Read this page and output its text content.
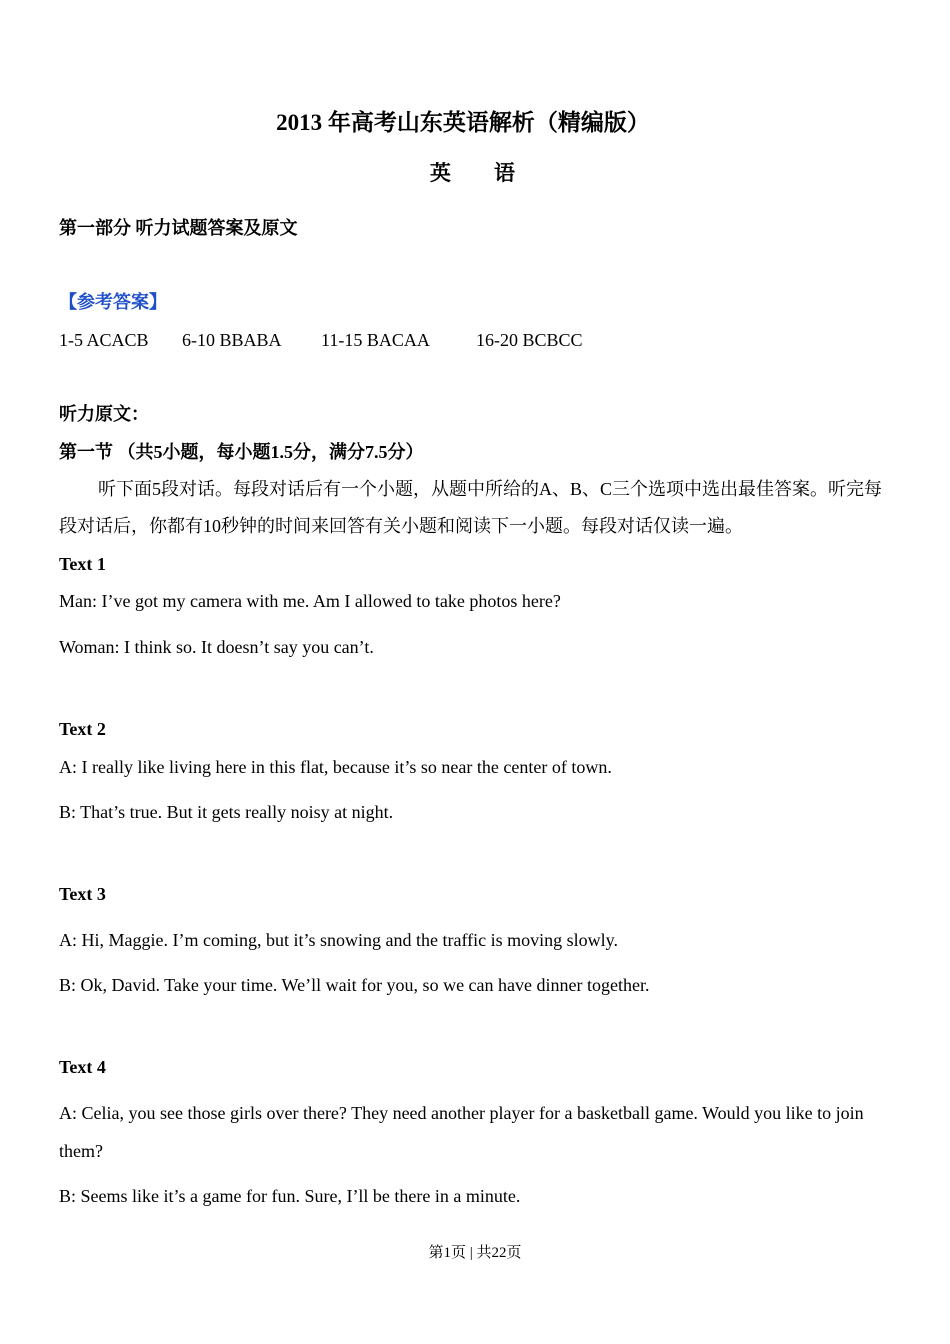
2013 年高考山东英语解析（精编版）
英 语
第一部分 听力试题答案及原文
【参考答案】
1-5 ACACB 6-10 BBABA 11-15 BACAA	16-20 BCBCC
听力原文：
第一节 （共5小题，每小题1.5分，满分7.5分）
听下面5段对话。每段对话后有一个小题，从题中所给的A、B、C三个选项中选出最佳答案。听完每段对话后，你都有10秒钟的时间来回答有关小题和阅读下一小题。每段对话仅读一遍。
Text 1
Man: I’ve got my camera with me. Am I allowed to take photos here?
Woman: I think so. It doesn’t say you can’t.
Text 2
A: I really like living here in this flat, because it’s so near the center of town.
B: That’s true. But it gets really noisy at night.
Text 3
A: Hi, Maggie. I’m coming, but it’s snowing and the traffic is moving slowly.
B: Ok, David. Take your time. We’ll wait for you, so we can have dinner together.
Text 4
A: Celia, you see those girls over there? They need another player for a basketball game. Would you like to join them?
B: Seems like it’s a game for fun. Sure, I’ll be there in a minute.
第1页 | 共22页
